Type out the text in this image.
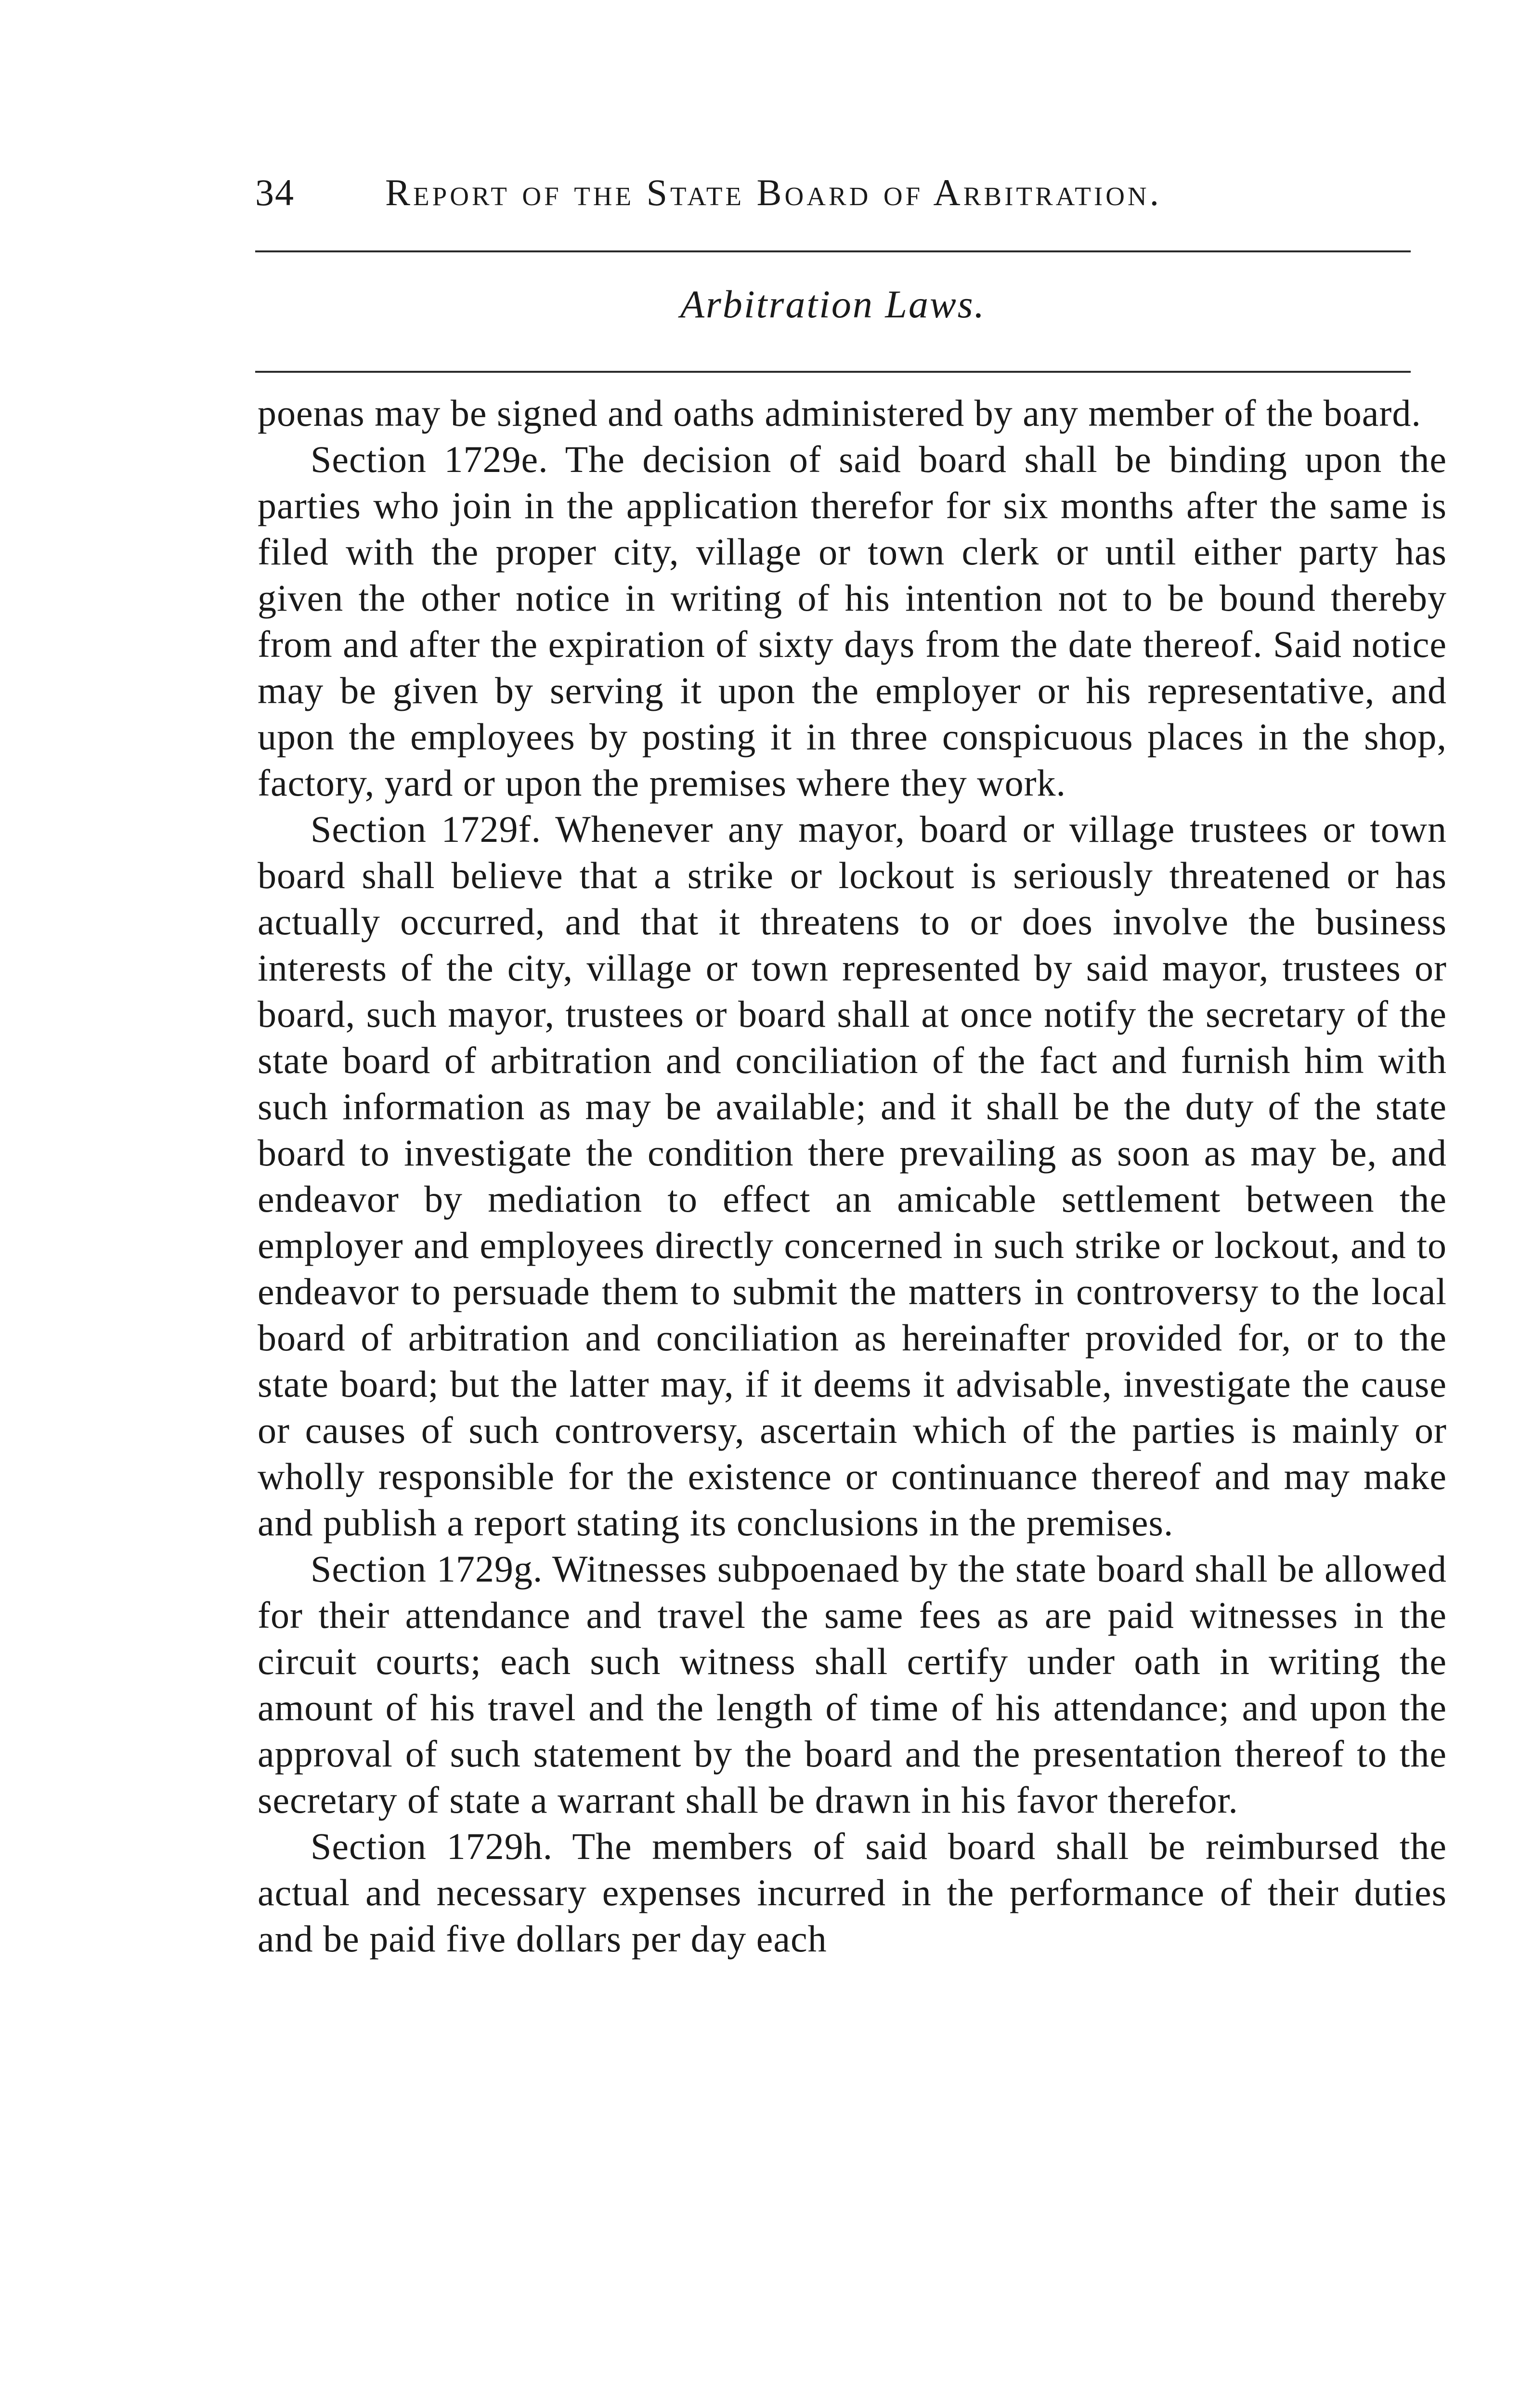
34 Report of the State Board of Arbitration.
Arbitration Laws.

poenas may be signed and oaths administered by any member of the board.

Section 1729e. The decision of said board shall be binding upon the parties who join in the application therefor for six months after the same is filed with the proper city, village or town clerk or until either party has given the other notice in writing of his intention not to be bound thereby from and after the expiration of sixty days from the date thereof. Said notice may be given by serving it upon the employer or his representative, and upon the employees by posting it in three conspicuous places in the shop, factory, yard or upon the premises where they work.

Section 1729f. Whenever any mayor, board or village trustees or town board shall believe that a strike or lockout is seriously threatened or has actually occurred, and that it threatens to or does involve the business interests of the city, village or town represented by said mayor, trustees or board, such mayor, trustees or board shall at once notify the secretary of the state board of arbitration and conciliation of the fact and furnish him with such information as may be available; and it shall be the duty of the state board to investigate the condition there prevailing as soon as may be, and endeavor by mediation to effect an amicable settlement between the employer and employees directly concerned in such strike or lockout, and to endeavor to persuade them to submit the matters in controversy to the local board of arbitration and conciliation as hereinafter provided for, or to the state board; but the latter may, if it deems it advisable, investigate the cause or causes of such controversy, ascertain which of the parties is mainly or wholly responsible for the existence or continuance thereof and may make and publish a report stating its conclusions in the premises.

Section 1729g. Witnesses subpoenaed by the state board shall be allowed for their attendance and travel the same fees as are paid witnesses in the circuit courts; each such witness shall certify under oath in writing the amount of his travel and the length of time of his attendance; and upon the approval of such statement by the board and the presentation thereof to the secretary of state a warrant shall be drawn in his favor therefor.

Section 1729h. The members of said board shall be reimbursed the actual and necessary expenses incurred in the performance of their duties and be paid five dollars per day each
